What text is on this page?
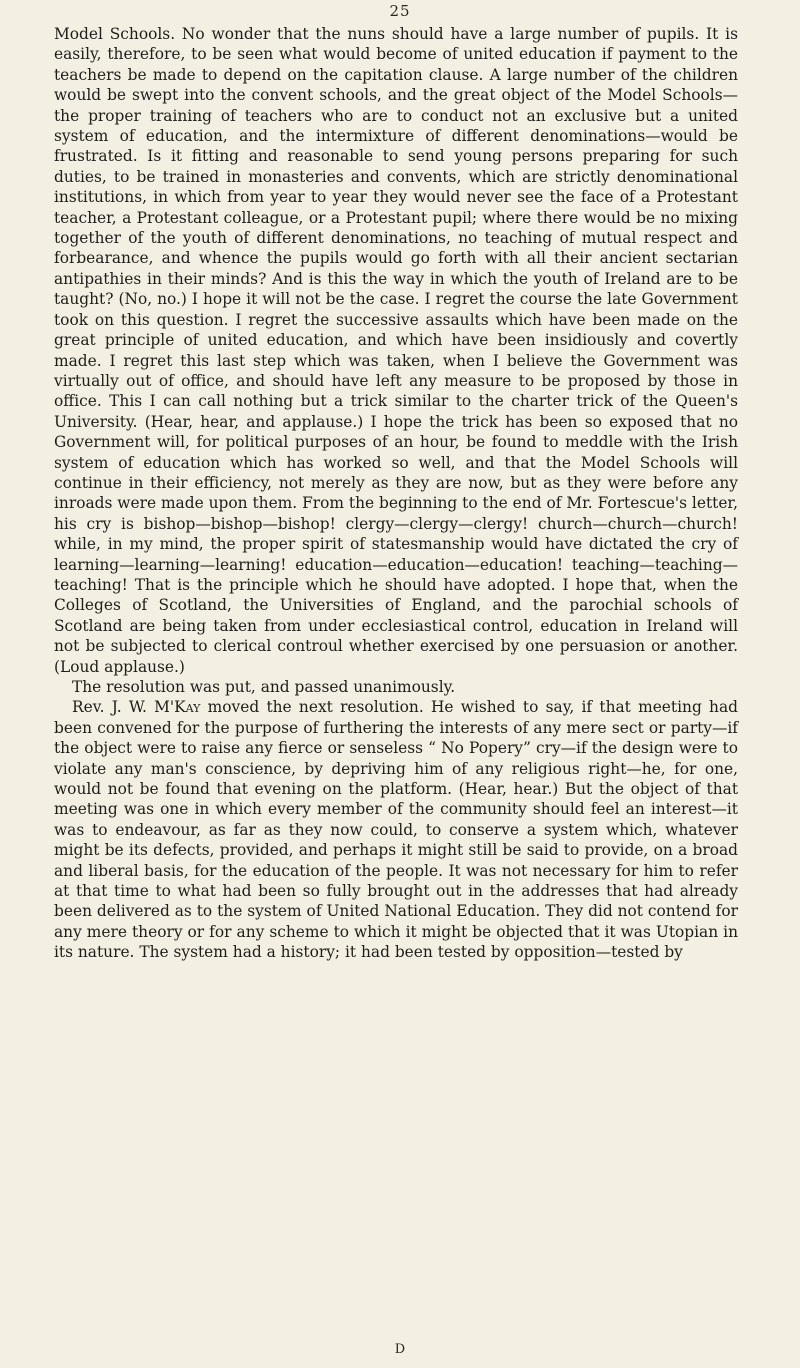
25

Model Schools. No wonder that the nuns should have a large number of pupils. It is easily, therefore, to be seen what would become of united education if payment to the teachers be made to depend on the capitation clause. A large number of the children would be swept into the convent schools, and the great object of the Model Schools—the proper training of teachers who are to conduct not an exclusive but a united system of education, and the intermixture of different denominations—would be frustrated. Is it fitting and reasonable to send young persons preparing for such duties, to be trained in monasteries and convents, which are strictly denominational institutions, in which from year to year they would never see the face of a Protestant teacher, a Protestant colleague, or a Protestant pupil; where there would be no mixing together of the youth of different denominations, no teaching of mutual respect and forbearance, and whence the pupils would go forth with all their ancient sectarian antipathies in their minds? And is this the way in which the youth of Ireland are to be taught? (No, no.) I hope it will not be the case. I regret the course the late Government took on this question. I regret the successive assaults which have been made on the great principle of united education, and which have been insidiously and covertly made. I regret this last step which was taken, when I believe the Government was virtually out of office, and should have left any measure to be proposed by those in office. This I can call nothing but a trick similar to the charter trick of the Queen's University. (Hear, hear, and applause.) I hope the trick has been so exposed that no Government will, for political purposes of an hour, be found to meddle with the Irish system of education which has worked so well, and that the Model Schools will continue in their efficiency, not merely as they are now, but as they were before any inroads were made upon them. From the beginning to the end of Mr. Fortescue's letter, his cry is bishop—bishop—bishop! clergy—clergy—clergy! church—church—church! while, in my mind, the proper spirit of statesmanship would have dictated the cry of learning—learning—learning! education—education—education! teaching—teaching—teaching! That is the principle which he should have adopted. I hope that, when the Colleges of Scotland, the Universities of England, and the parochial schools of Scotland are being taken from under ecclesiastical control, education in Ireland will not be subjected to clerical controul whether exercised by one persuasion or another. (Loud applause.)

The resolution was put, and passed unanimously.

Rev. J. W. M'Kay moved the next resolution. He wished to say, if that meeting had been convened for the purpose of furthering the interests of any mere sect or party—if the object were to raise any fierce or senseless “ No Popery” cry—if the design were to violate any man's conscience, by depriving him of any religious right—he, for one, would not be found that evening on the platform. (Hear, hear.) But the object of that meeting was one in which every member of the community should feel an interest—it was to endeavour, as far as they now could, to conserve a system which, whatever might be its defects, provided, and perhaps it might still be said to provide, on a broad and liberal basis, for the education of the people. It was not necessary for him to refer at that time to what had been so fully brought out in the addresses that had already been delivered as to the system of United National Education. They did not contend for any mere theory or for any scheme to which it might be objected that it was Utopian in its nature. The system had a history; it had been tested by opposition—tested by

D
